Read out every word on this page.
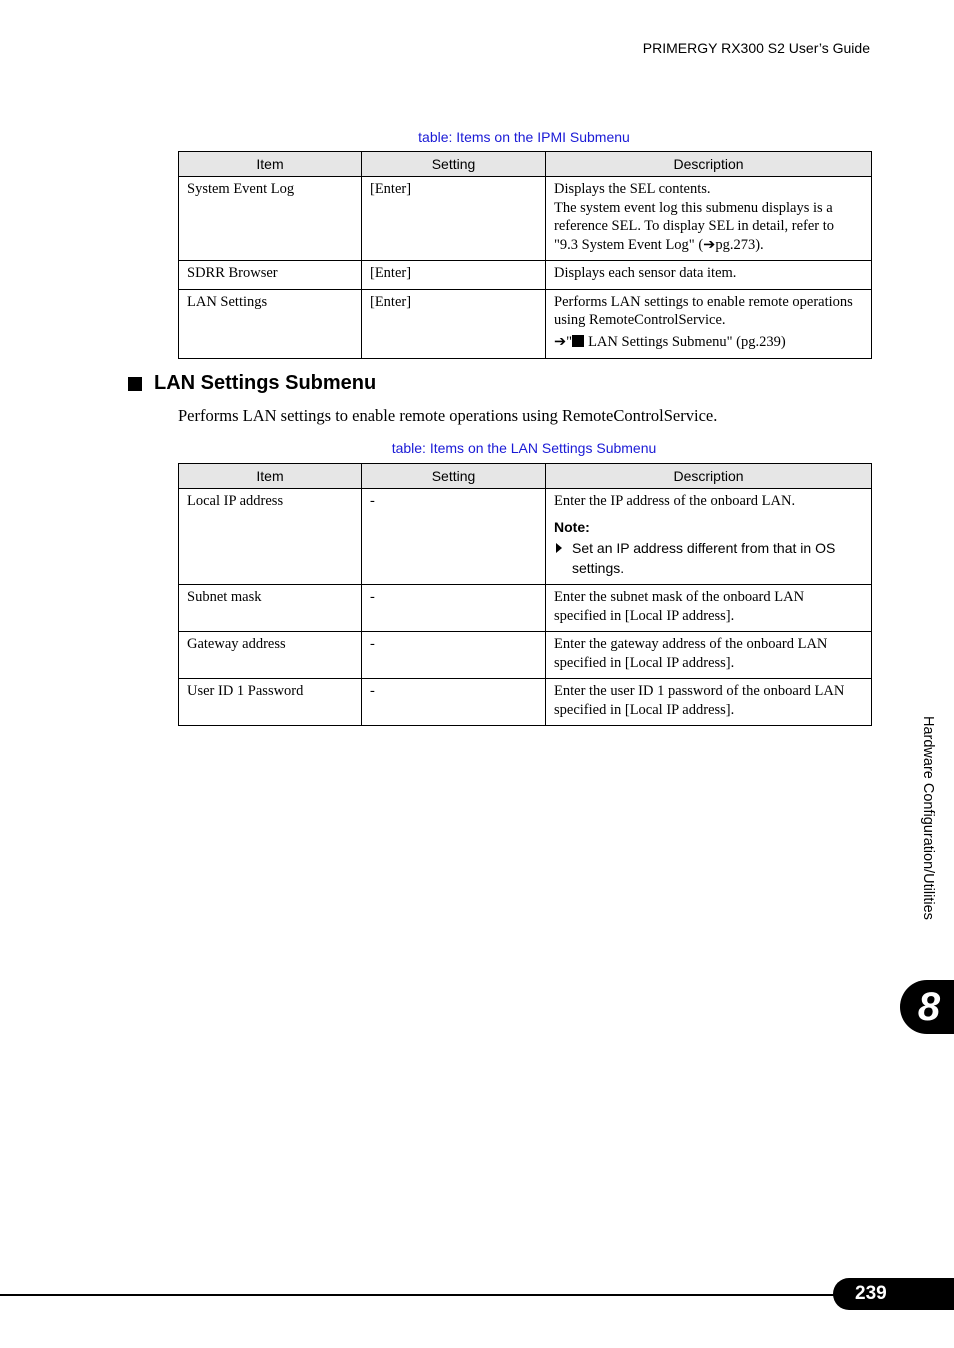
PRIMERGY RX300 S2 User’s Guide
table: Items on the IPMI Submenu
Item	Setting	Description
System Event Log	[Enter]	Displays the SEL contents.
The system event log this submenu displays is a
reference SEL. To display SEL in detail, refer to
"9.3 System Event Log" (➔pg.273).

SDRR Browser	[Enter]	Displays each sensor data item.

LAN Settings	[Enter]	Performs LAN settings to enable remote operations
using RemoteControlService.
➔" LAN Settings Submenu" (pg.239)
LAN Settings Submenu
Performs LAN settings to enable remote operations using RemoteControlService.
table: Items on the LAN Settings Submenu
Item	Setting	Description
Local IP address	-	Enter the IP address of the onboard LAN.
Note:
Set an IP address different from that in OS
settings.

Subnet mask	-	Enter the subnet mask of the onboard LAN
specified in [Local IP address].

Gateway address	-	Enter the gateway address of the onboard LAN
specified in [Local IP address].

User ID 1 Password	-	Enter the user ID 1 password of the onboard LAN
specified in [Local IP address].
Hardware Configuration/Utilities
8
239
